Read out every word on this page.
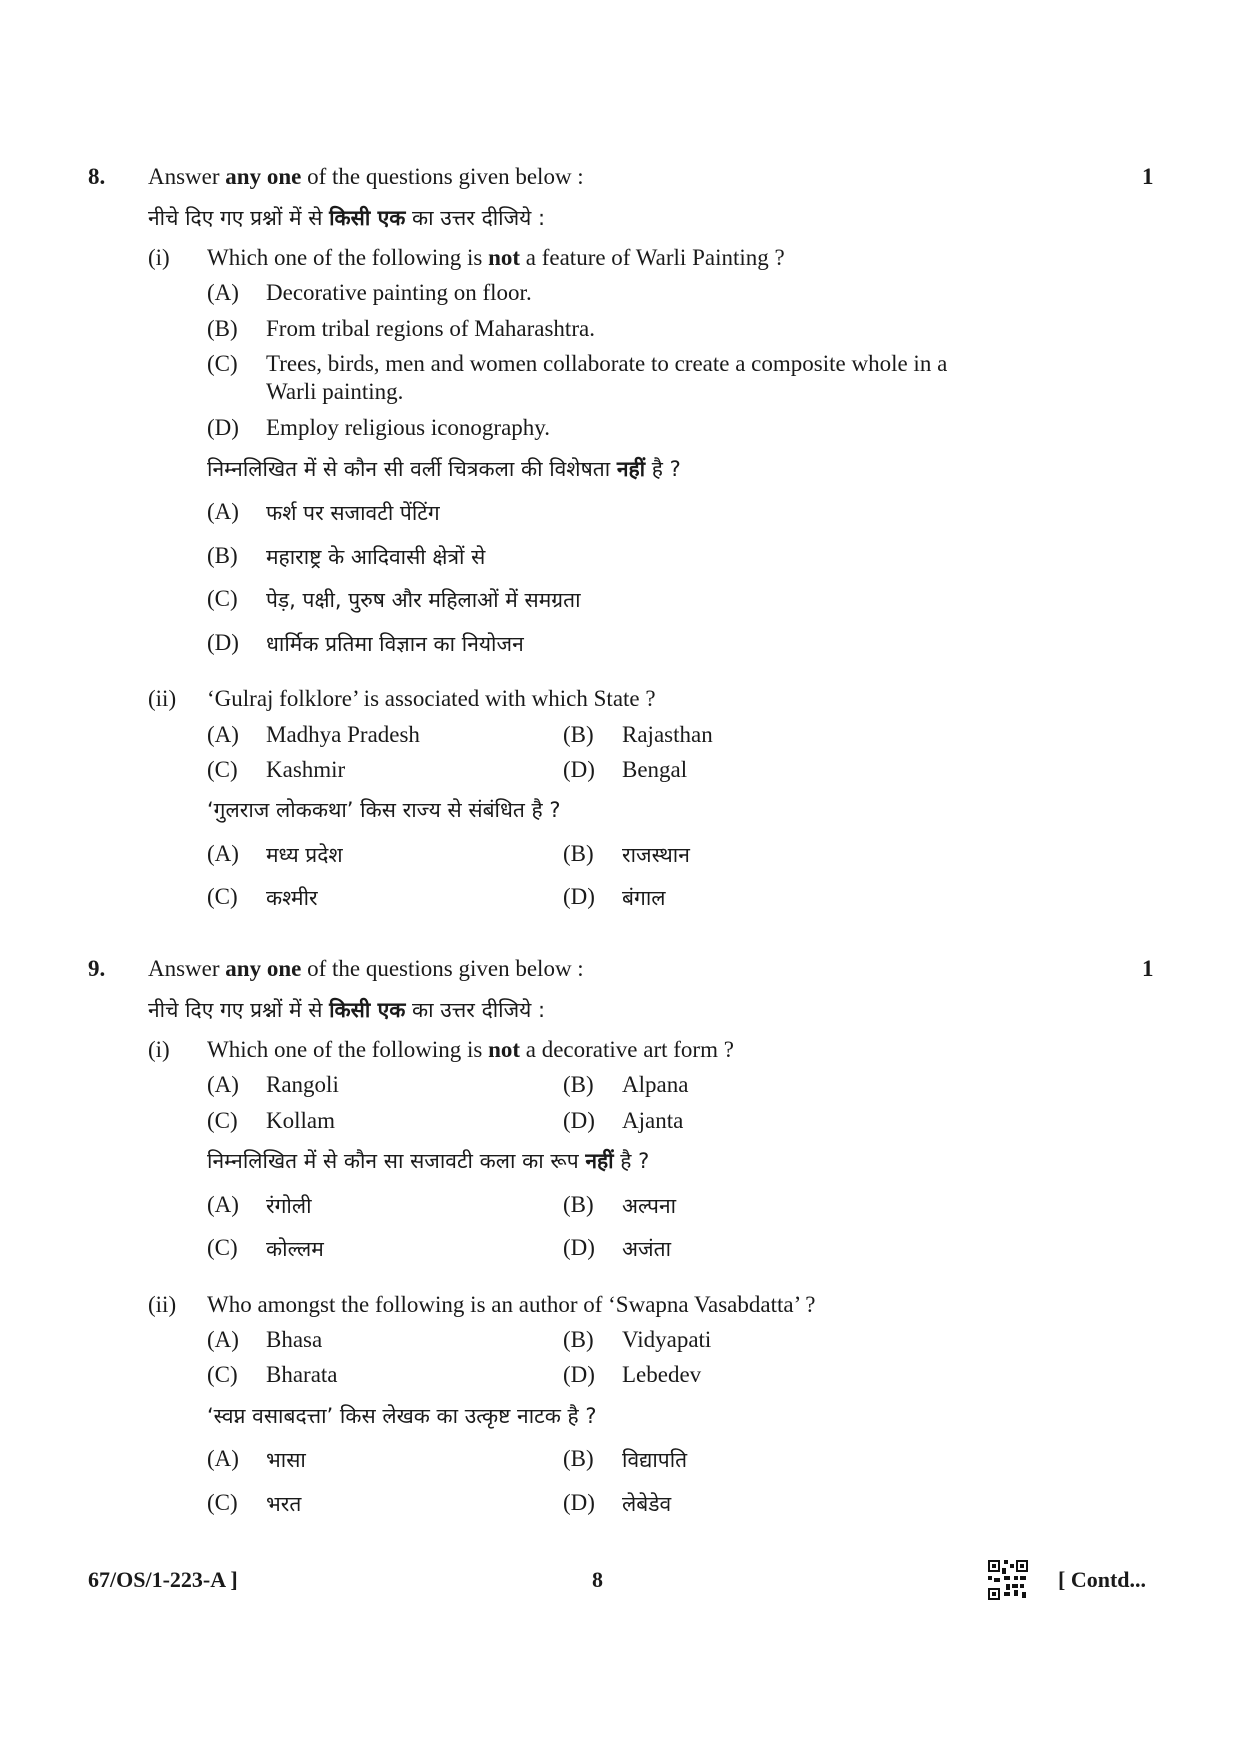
8. Answer any one of the questions given below :	1
नीचे दिए गए प्रश्नों में से किसी एक का उत्तर दीजिये :
(i) Which one of the following is not a feature of Warli Painting ?
(A) Decorative painting on floor.
(B) From tribal regions of Maharashtra.
(C) Trees, birds, men and women collaborate to create a composite whole in a
Warli painting.
(D) Employ religious iconography.
निम्नलिखित में से कौन सी वर्ली चित्रकला की विशेषता नहीं है ?
(A) फर्श पर सजावटी पेंटिंग
(B) महाराष्ट्र के आदिवासी क्षेत्रों से
(C) पेड़, पक्षी, पुरुष और महिलाओं में समग्रता
(D) धार्मिक प्रतिमा विज्ञान का नियोजन
(ii) ‘Gulraj folklore’ is associated with which State ?
(A) Madhya Pradesh	(B) Rajasthan
(C) Kashmir	(D) Bengal
‘गुलराज लोककथा’ किस राज्य से संबंधित है ?
(A) मध्य प्रदेश	(B) राजस्थान
(C) कश्मीर	(D) बंगाल
9. Answer any one of the questions given below :	1
नीचे दिए गए प्रश्नों में से किसी एक का उत्तर दीजिये :
(i) Which one of the following is not a decorative art form ?
(A) Rangoli	(B) Alpana
(C) Kollam	(D) Ajanta
निम्नलिखित में से कौन सा सजावटी कला का रूप नहीं है ?
(A) रंगोली	(B) अल्पना
(C) कोल्लम	(D) अजंता
(ii) Who amongst the following is an author of ‘Swapna Vasabdatta’ ?
(A) Bhasa	(B) Vidyapati
(C) Bharata	(D) Lebedev
‘स्वप्न वसाबदत्ता’ किस लेखक का उत्कृष्ट नाटक है ?
(A) भासा	(B) विद्यापति
(C) भरत	(D) लेबेडेव
67/OS/1-223-A ]	8	[ Contd...
